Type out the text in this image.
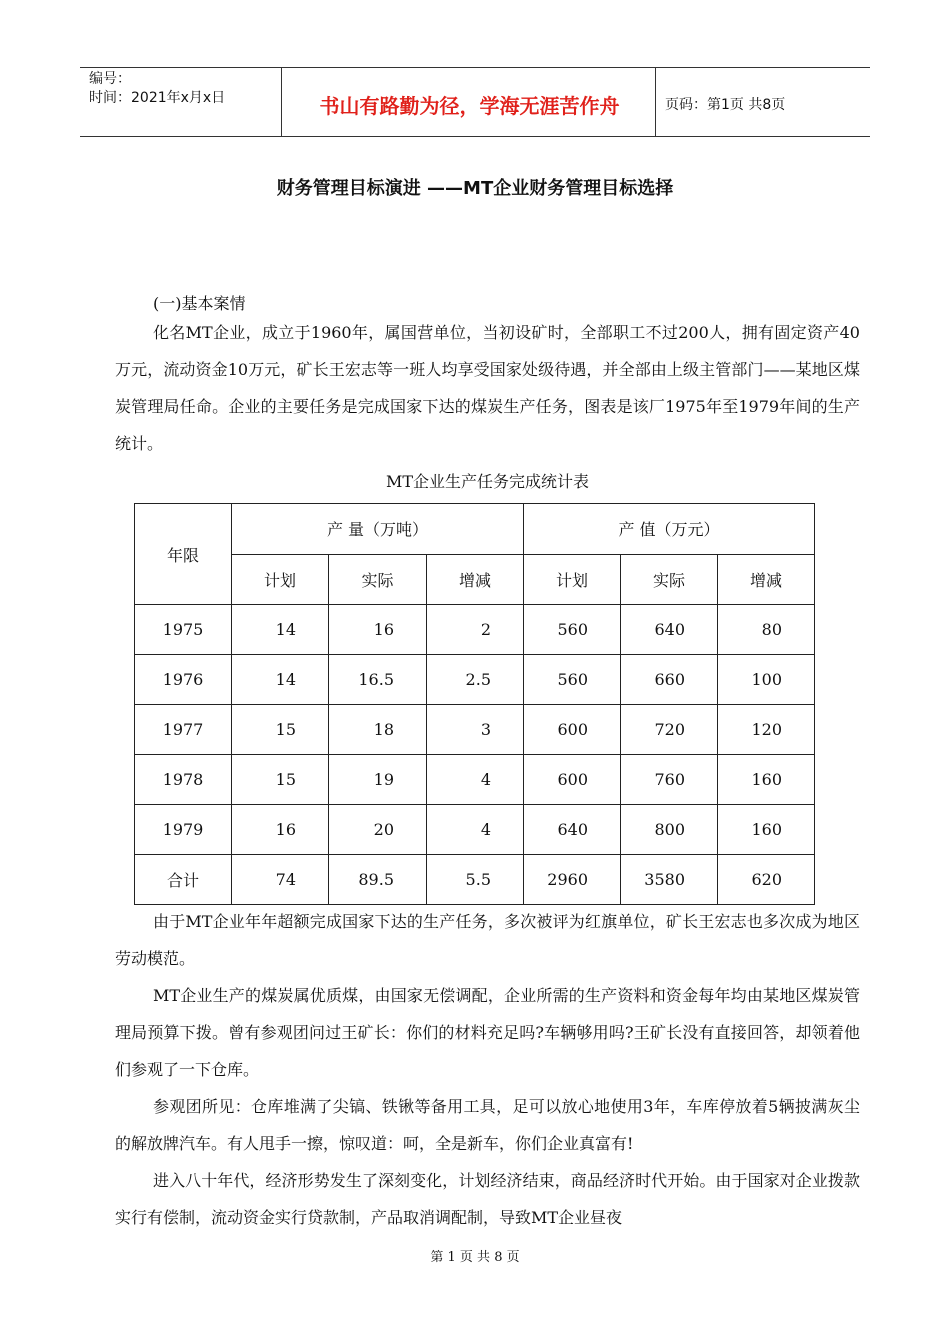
编号：
时间：2021年x月x日	书山有路勤为径，学海无涯苦作舟	页码：第1页 共8页
财务管理目标演进 ——MT企业财务管理目标选择
(一)基本案情
化名MT企业，成立于1960年，属国营单位，当初设矿时，全部职工不过200人，拥有固定资产40万元，流动资金10万元，矿长王宏志等一班人均享受国家处级待遇，并全部由上级主管部门——某地区煤炭管理局任命。企业的主要任务是完成国家下达的煤炭生产任务，图表是该厂1975年至1979年间的生产统计。
MT企业生产任务完成统计表
年限	产 量（万吨）			产 值（万元）		
	计划	实际	增减	计划	实际	增减
1975	14	16	2	560	640	80
1976	14	16.5	2.5	560	660	100
1977	15	18	3	600	720	120
1978	15	19	4	600	760	160
1979	16	20	4	640	800	160
合计	74	89.5	5.5	2960	3580	620
由于MT企业年年超额完成国家下达的生产任务，多次被评为红旗单位，矿长王宏志也多次成为地区劳动模范。
MT企业生产的煤炭属优质煤，由国家无偿调配，企业所需的生产资料和资金每年均由某地区煤炭管理局预算下拨。曾有参观团问过王矿长：你们的材料充足吗?车辆够用吗?王矿长没有直接回答，却领着他们参观了一下仓库。
参观团所见：仓库堆满了尖镐、铁锹等备用工具，足可以放心地使用3年，车库停放着5辆披满灰尘的解放牌汽车。有人甩手一擦，惊叹道：呵，全是新车，你们企业真富有!
进入八十年代，经济形势发生了深刻变化，计划经济结束，商品经济时代开始。由于国家对企业拨款实行有偿制，流动资金实行贷款制，产品取消调配制，导致MT企业昼夜
第 1 页 共 8 页
